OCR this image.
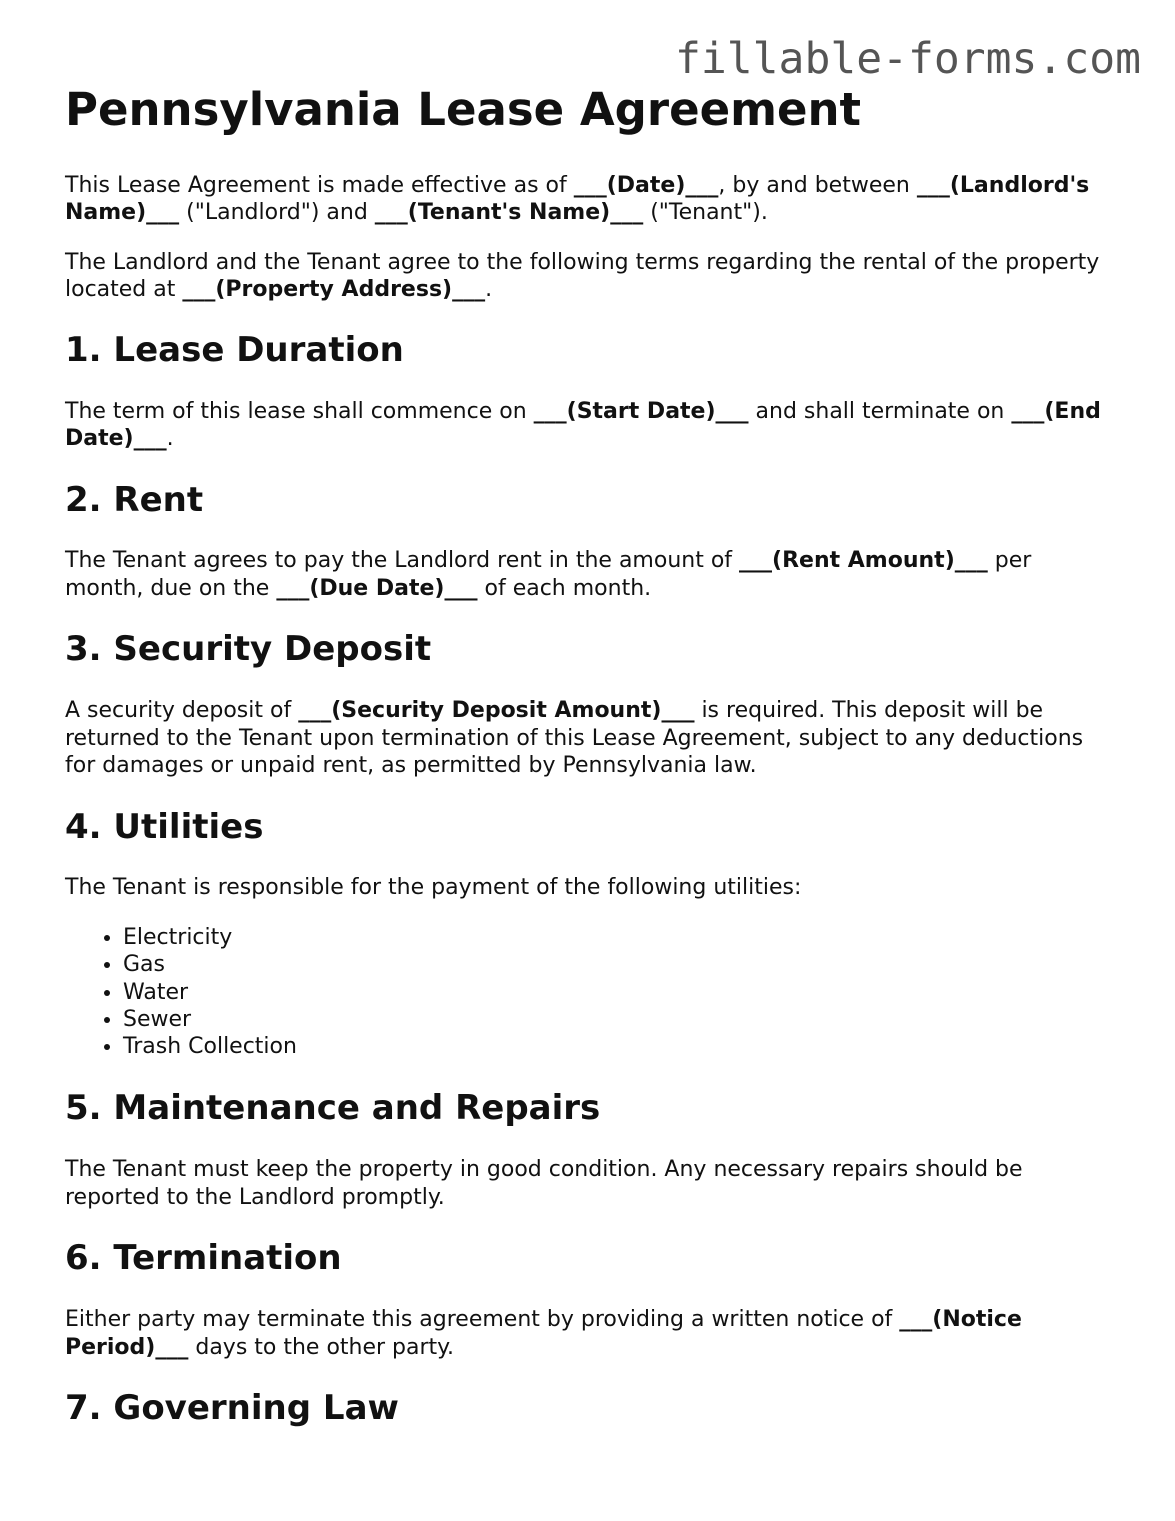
fillable-forms.com
Pennsylvania Lease Agreement

This Lease Agreement is made effective as of ___(Date)___, by and between ___(Landlord's Name)___ ("Landlord") and ___(Tenant's Name)___ ("Tenant").

The Landlord and the Tenant agree to the following terms regarding the rental of the property located at ___(Property Address)___.

1. Lease Duration

The term of this lease shall commence on ___(Start Date)___ and shall terminate on ___(End Date)___.

2. Rent

The Tenant agrees to pay the Landlord rent in the amount of ___(Rent Amount)___ per month, due on the ___(Due Date)___ of each month.

3. Security Deposit

A security deposit of ___(Security Deposit Amount)___ is required. This deposit will be returned to the Tenant upon termination of this Lease Agreement, subject to any deductions for damages or unpaid rent, as permitted by Pennsylvania law.

4. Utilities

The Tenant is responsible for the payment of the following utilities:

• Electricity
• Gas
• Water
• Sewer
• Trash Collection
5. Maintenance and Repairs

The Tenant must keep the property in good condition. Any necessary repairs should be reported to the Landlord promptly.

6. Termination

Either party may terminate this agreement by providing a written notice of ___(Notice Period)___ days to the other party.

7. Governing Law
